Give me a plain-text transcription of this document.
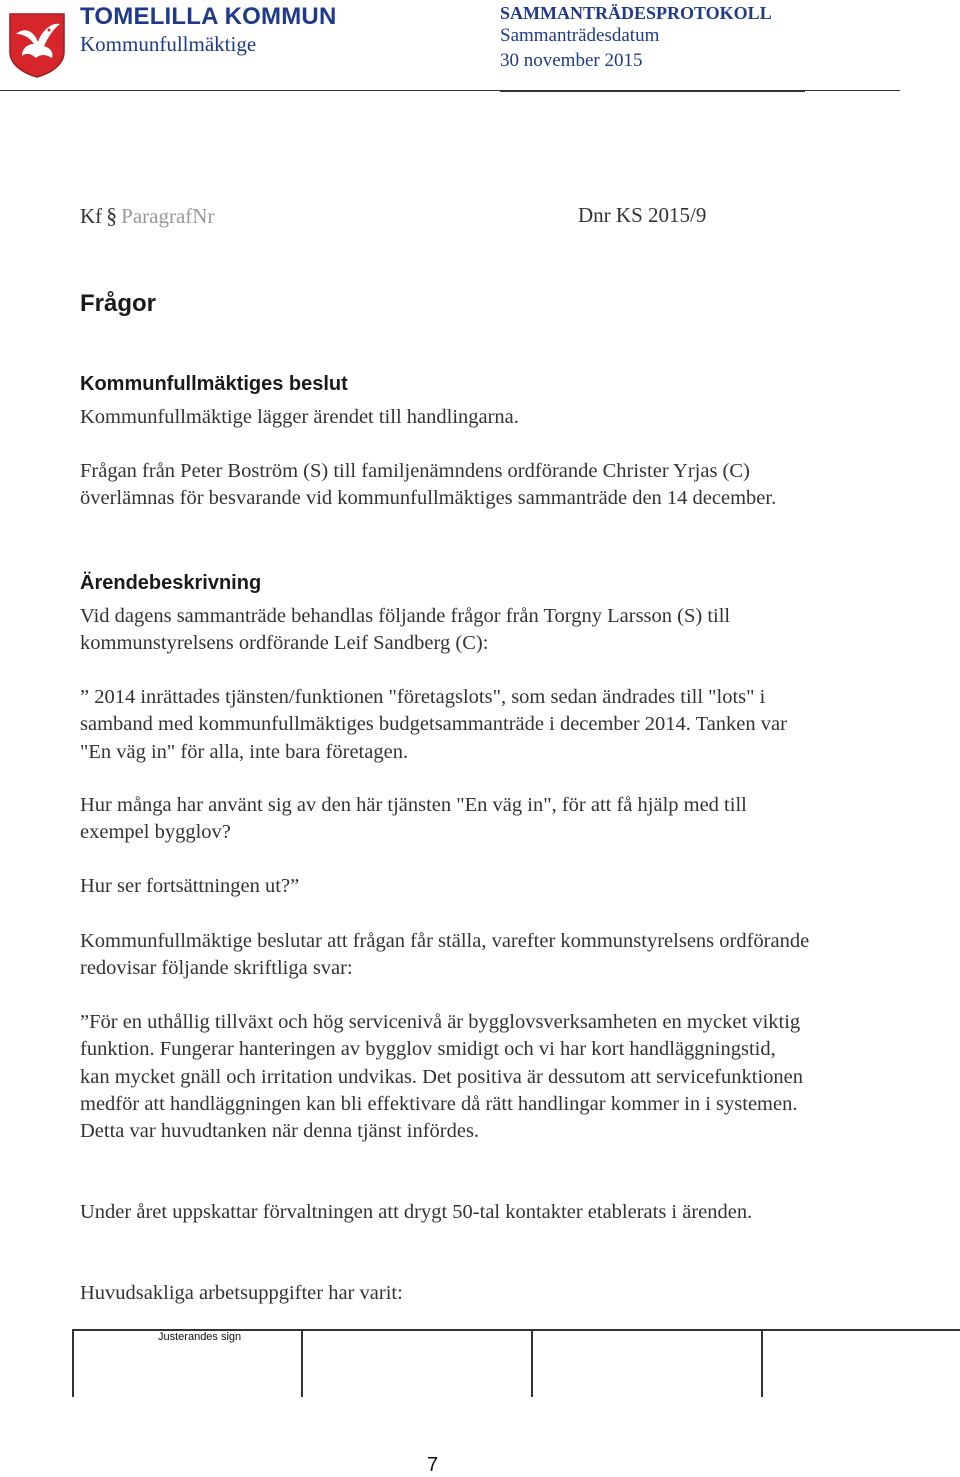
TOMELILLA KOMMUN
Kommunfullmäktige
SAMMANTRÄDESPROTOKOLL
Sammanträdesdatum
30 november 2015
Kf § ParagrafNr	Dnr KS 2015/9
Frågor
Kommunfullmäktiges beslut
Kommunfullmäktige lägger ärendet till handlingarna.
Frågan från Peter Boström (S) till familjenämndens ordförande Christer Yrjas (C) överlämnas för besvarande vid kommunfullmäktiges sammanträde den 14 december.
Ärendebeskrivning
Vid dagens sammanträde behandlas följande frågor från Torgny Larsson (S) till kommunstyrelsens ordförande Leif Sandberg (C):
” 2014 inrättades tjänsten/funktionen "företagslots", som sedan ändrades till "lots" i samband med kommunfullmäktiges budgetsammanträde i december 2014. Tanken var "En väg in" för alla, inte bara företagen.
Hur många har använt sig av den här tjänsten "En väg in", för att få hjälp med till exempel bygglov?
Hur ser fortsättningen ut?”
Kommunfullmäktige beslutar att frågan får ställa, varefter kommunstyrelsens ordförande redovisar följande skriftliga svar:
”För en uthållig tillväxt och hög servicenivå är bygglovsverksamheten en mycket viktig funktion. Fungerar hanteringen av bygglov smidigt och vi har kort handläggningstid, kan mycket gnäll och irritation undvikas. Det positiva är dessutom att servicefunktionen medför att handläggningen kan bli effektivare då rätt handlingar kommer in i systemen. Detta var huvudtanken när denna tjänst infördes.
Under året uppskattar förvaltningen att drygt 50-tal kontakter etablerats i ärenden.
Huvudsakliga arbetsuppgifter har varit:
Justerandes sign
7
